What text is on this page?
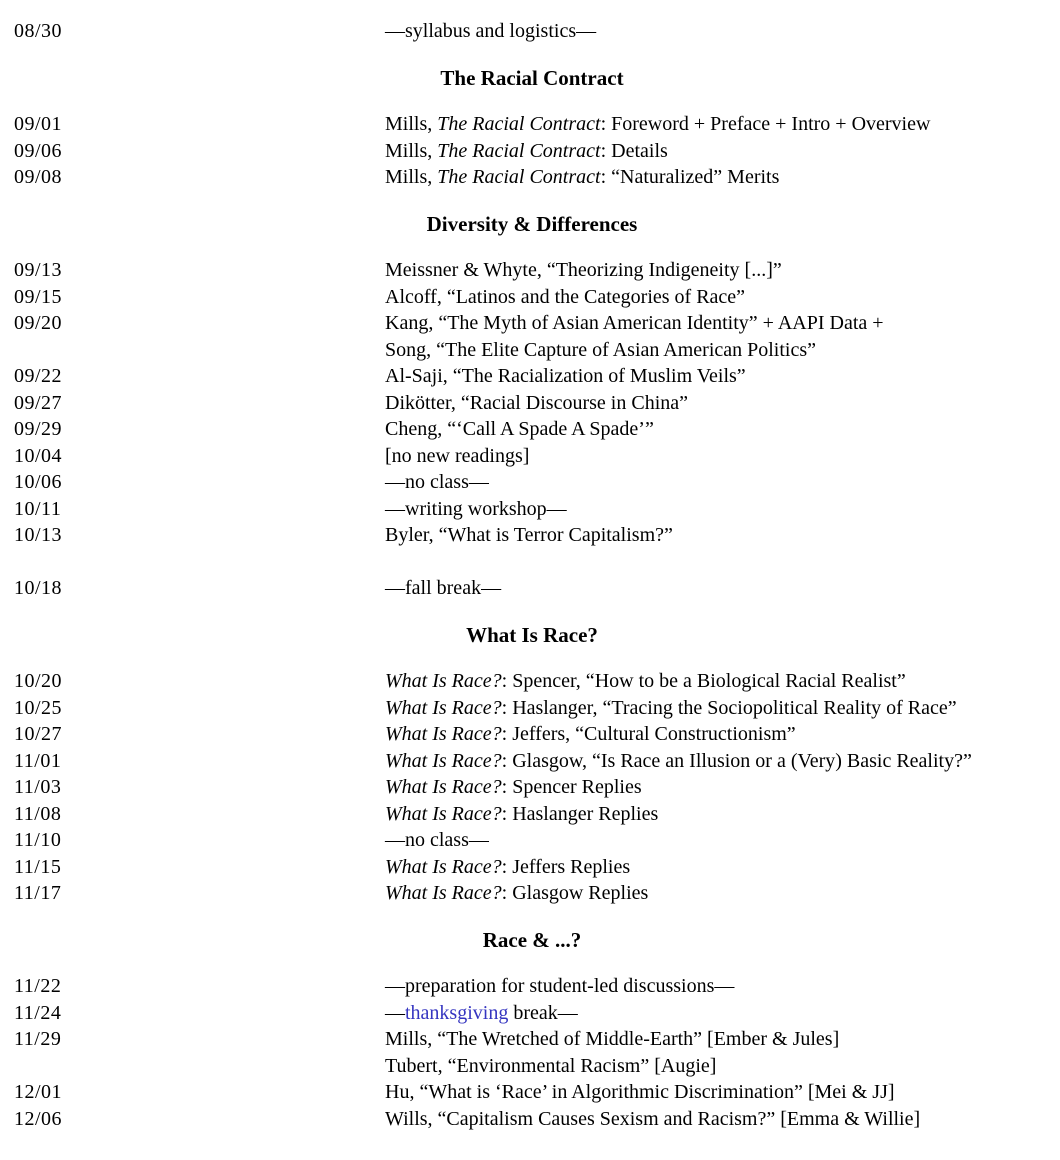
08/30	—syllabus and logistics—
The Racial Contract
09/01	Mills, The Racial Contract: Foreword + Preface + Intro + Overview
09/06	Mills, The Racial Contract: Details
09/08	Mills, The Racial Contract: “Naturalized” Merits
Diversity & Differences
09/13	Meissner & Whyte, “Theorizing Indigeneity [...]”
09/15	Alcoff, “Latinos and the Categories of Race”
09/20	Kang, “The Myth of Asian American Identity” + AAPI Data +
Song, “The Elite Capture of Asian American Politics”
09/22	Al-Saji, “The Racialization of Muslim Veils”
09/27	Dikötter, “Racial Discourse in China”
09/29	Cheng, “‘Call A Spade A Spade’”
10/04	[no new readings]
10/06	—no class—
10/11	—writing workshop—
10/13	Byler, “What is Terror Capitalism?”
10/18	—fall break—
What Is Race?
10/20	What Is Race?: Spencer, “How to be a Biological Racial Realist”
10/25	What Is Race?: Haslanger, “Tracing the Sociopolitical Reality of Race”
10/27	What Is Race?: Jeffers, “Cultural Constructionism”
11/01	What Is Race?: Glasgow, “Is Race an Illusion or a (Very) Basic Reality?”
11/03	What Is Race?: Spencer Replies
11/08	What Is Race?: Haslanger Replies
11/10	—no class—
11/15	What Is Race?: Jeffers Replies
11/17	What Is Race?: Glasgow Replies
Race & ...?
11/22	—preparation for student-led discussions—
11/24	—thanksgiving break—
11/29	Mills, “The Wretched of Middle-Earth” [Ember & Jules]
Tubert, “Environmental Racism” [Augie]
12/01	Hu, “What is ‘Race’ in Algorithmic Discrimination” [Mei & JJ]
12/06	Wills, “Capitalism Causes Sexism and Racism?” [Emma & Willie]
